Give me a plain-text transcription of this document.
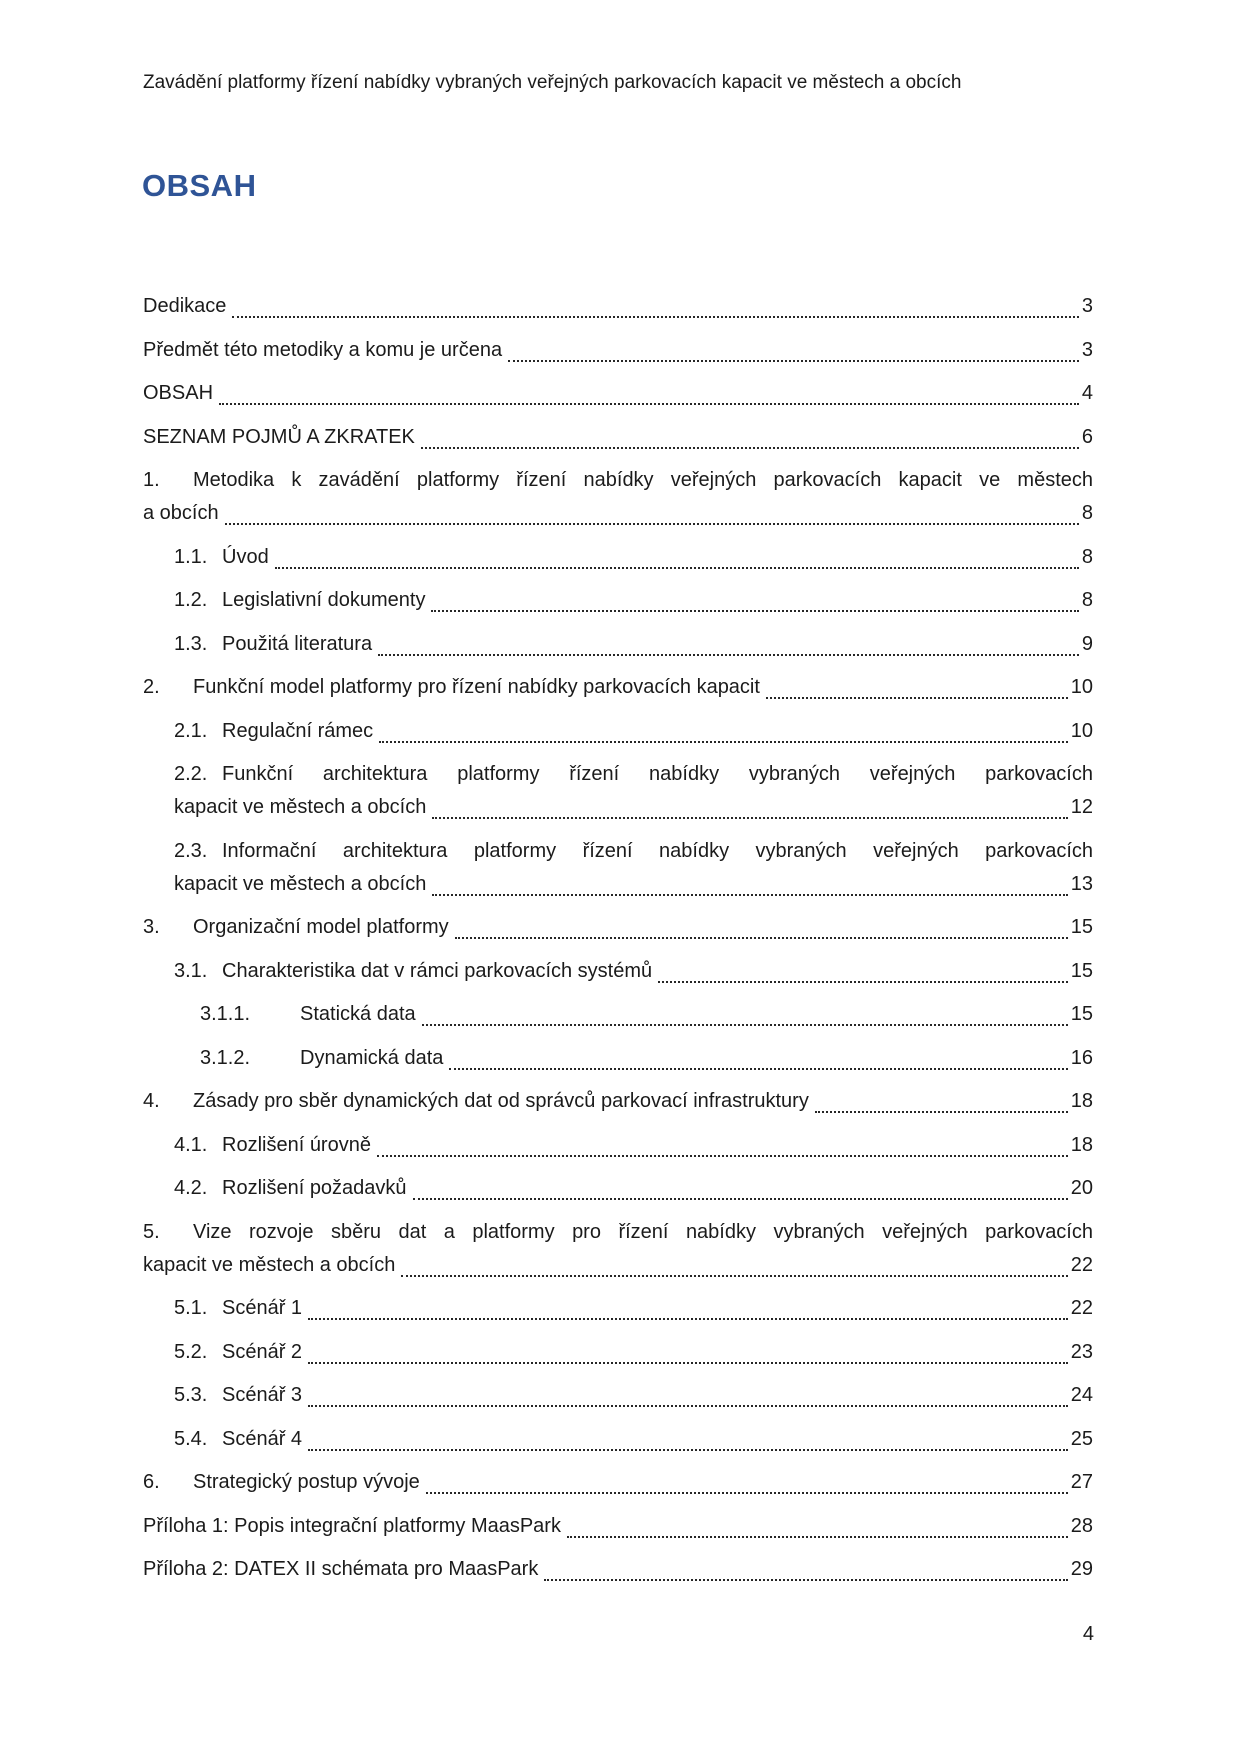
Zavádění platformy řízení nabídky vybraných veřejných parkovacích kapacit ve městech a obcích
OBSAH
Dedikace	3
Předmět této metodiky a komu je určena	3
OBSAH	4
SEZNAM POJMŮ A ZKRATEK	6
1.	Metodika k zavádění platformy řízení nabídky veřejných parkovacích kapacit ve městech
a obcích	8
1.1. Úvod	8
1.2. Legislativní dokumenty	8
1.3. Použitá literatura	9
2.	Funkční model platformy pro řízení nabídky parkovacích kapacit	10
2.1. Regulační rámec	10
2.2. Funkční architektura platformy řízení nabídky vybraných veřejných parkovacích
kapacit ve městech a obcích	12
2.3. Informační architektura platformy řízení nabídky vybraných veřejných parkovacích
kapacit ve městech a obcích	13
3.	Organizační model platformy	15
3.1. Charakteristika dat v rámci parkovacích systémů	15
3.1.1.	Statická data	15
3.1.2.	Dynamická data	16
4.	Zásady pro sběr dynamických dat od správců parkovací infrastruktury	18
4.1. Rozlišení úrovně	18
4.2. Rozlišení požadavků	20
5.	Vize rozvoje sběru dat a platformy pro řízení nabídky vybraných veřejných parkovacích
kapacit ve městech a obcích	22
5.1. Scénář 1	22
5.2. Scénář 2	23
5.3. Scénář 3	24
5.4. Scénář 4	25
6.	Strategický postup vývoje	27
Příloha 1: Popis integrační platformy MaasPark	28
Příloha 2: DATEX II schémata pro MaasPark	29
4
